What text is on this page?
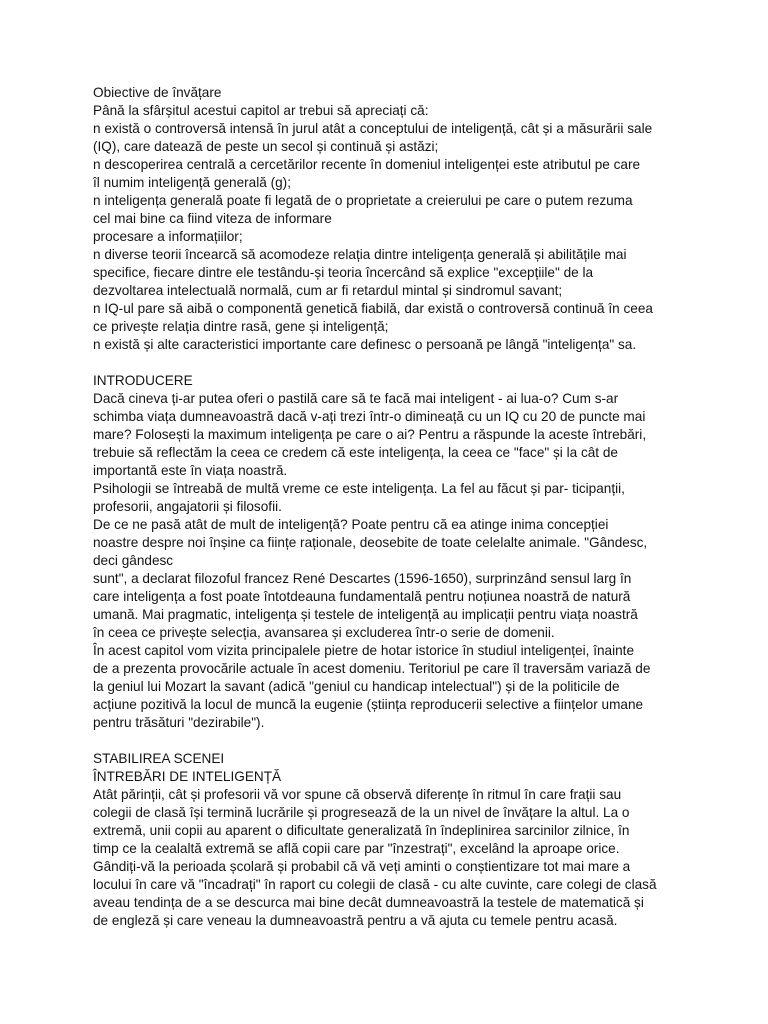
Obiective de învățare
Până la sfârșitul acestui capitol ar trebui să apreciați că:
n există o controversă intensă în jurul atât a conceptului de inteligență, cât și a măsurării sale
(IQ), care datează de peste un secol și continuă și astăzi;
n descoperirea centrală a cercetărilor recente în domeniul inteligenței este atributul pe care
îl numim inteligență generală (g);
n inteligența generală poate fi legată de o proprietate a creierului pe care o putem rezuma
cel mai bine ca fiind viteza de informare
procesare a informațiilor;
n diverse teorii încearcă să acomodeze relația dintre inteligența generală și abilitățile mai
specifice, fiecare dintre ele testându-și teoria încercând să explice "excepțiile" de la
dezvoltarea intelectuală normală, cum ar fi retardul mintal și sindromul savant;
n IQ-ul pare să aibă o componentă genetică fiabilă, dar există o controversă continuă în ceea
ce privește relația dintre rasă, gene și inteligență;
n există și alte caracteristici importante care definesc o persoană pe lângă "inteligența" sa.
INTRODUCERE
Dacă cineva ți-ar putea oferi o pastilă care să te facă mai inteligent - ai lua-o? Cum s-ar
schimba viața dumneavoastră dacă v-ați trezi într-o dimineață cu un IQ cu 20 de puncte mai
mare? Folosești la maximum inteligența pe care o ai? Pentru a răspunde la aceste întrebări,
trebuie să reflectăm la ceea ce credem că este inteligența, la ceea ce "face" și la cât de
importantă este în viața noastră.
Psihologii se întreabă de multă vreme ce este inteligența. La fel au făcut și par- ticipanții,
profesorii, angajatorii și filosofii.
De ce ne pasă atât de mult de inteligență? Poate pentru că ea atinge inima concepției
noastre despre noi înșine ca ființe raționale, deosebite de toate celelalte animale. "Gândesc,
deci gândesc
sunt", a declarat filozoful francez René Descartes (1596-1650), surprinzând sensul larg în
care inteligența a fost poate întotdeauna fundamentală pentru noțiunea noastră de natură
umană. Mai pragmatic, inteligența și testele de inteligență au implicații pentru viața noastră
în ceea ce privește selecția, avansarea și excluderea într-o serie de domenii.
În acest capitol vom vizita principalele pietre de hotar istorice în studiul inteligenței, înainte
de a prezenta provocările actuale în acest domeniu. Teritoriul pe care îl traversăm variază de
la geniul lui Mozart la savant (adică "geniul cu handicap intelectual") și de la politicile de
acțiune pozitivă la locul de muncă la eugenie (știința reproducerii selective a ființelor umane
pentru trăsături "dezirabile").
STABILIREA SCENEI
ÎNTREBĂRI DE INTELIGENȚĂ
Atât părinții, cât și profesorii vă vor spune că observă diferențe în ritmul în care frații sau
colegii de clasă își termină lucrările și progresează de la un nivel de învățare la altul. La o
extremă, unii copii au aparent o dificultate generalizată în îndeplinirea sarcinilor zilnice, în
timp ce la cealaltă extremă se află copii care par "înzestrați", excelând la aproape orice.
Gândiți-vă la perioada școlară și probabil că vă veți aminti o conștientizare tot mai mare a
locului în care vă "încadrați" în raport cu colegii de clasă - cu alte cuvinte, care colegi de clasă
aveau tendința de a se descurca mai bine decât dumneavoastră la testele de matematică și
de engleză și care veneau la dumneavoastră pentru a vă ajuta cu temele pentru acasă.
